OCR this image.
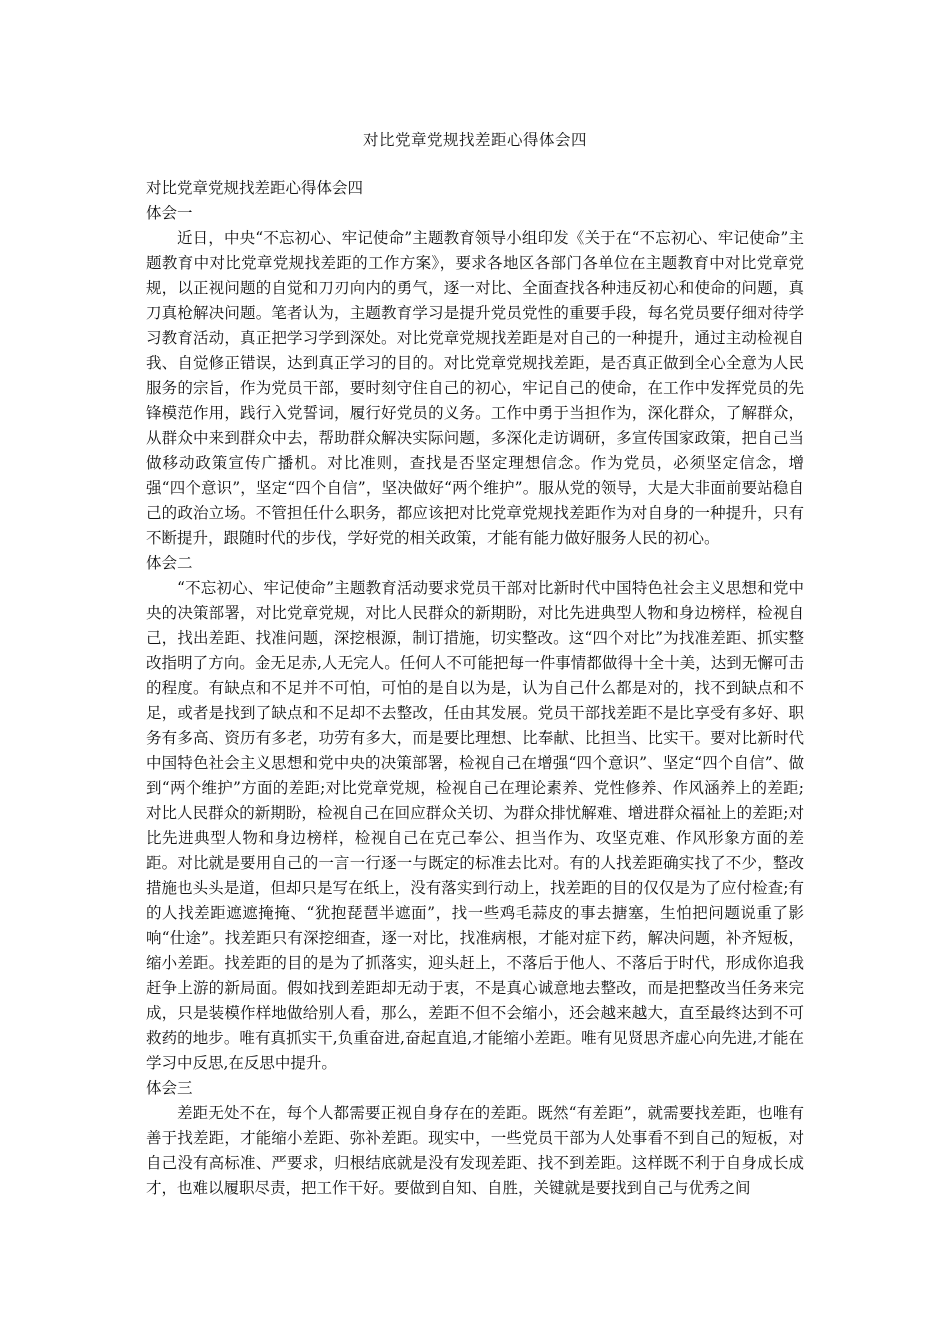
对比党章党规找差距心得体会四

对比党章党规找差距心得体会四

体会一

近日，中央“不忘初心、牢记使命”主题教育领导小组印发《关于在“不忘初心、牢记使命”主题教育中对比党章党规找差距的工作方案》，要求各地区各部门各单位在主题教育中对比党章党规，以正视问题的自觉和刀刃向内的勇气，逐一对比、全面查找各种违反初心和使命的问题，真刀真枪解决问题。笔者认为，主题教育学习是提升党员党性的重要手段，每名党员要仔细对待学习教育活动，真正把学习学到深处。对比党章党规找差距是对自己的一种提升，通过主动检视自我、自觉修正错误，达到真正学习的目的。对比党章党规找差距，是否真正做到全心全意为人民服务的宗旨，作为党员干部，要时刻守住自己的初心，牢记自己的使命，在工作中发挥党员的先锋模范作用，践行入党誓词，履行好党员的义务。工作中勇于当担作为，深化群众，了解群众，从群众中来到群众中去，帮助群众解决实际问题，多深化走访调研，多宣传国家政策，把自己当做移动政策宣传广播机。对比准则，查找是否坚定理想信念。作为党员，必须坚定信念，增强“四个意识”，坚定“四个自信”，坚决做好“两个维护”。服从党的领导，大是大非面前要站稳自己的政治立场。不管担任什么职务，都应该把对比党章党规找差距作为对自身的一种提升，只有不断提升，跟随时代的步伐，学好党的相关政策，才能有能力做好服务人民的初心。

体会二

“不忘初心、牢记使命”主题教育活动要求党员干部对比新时代中国特色社会主义思想和党中央的决策部署，对比党章党规，对比人民群众的新期盼，对比先进典型人物和身边榜样，检视自己，找出差距、找准问题，深挖根源，制订措施，切实整改。这“四个对比”为找准差距、抓实整改指明了方向。金无足赤,人无完人。任何人不可能把每一件事情都做得十全十美，达到无懈可击的程度。有缺点和不足并不可怕，可怕的是自以为是，认为自己什么都是对的，找不到缺点和不足，或者是找到了缺点和不足却不去整改，任由其发展。党员干部找差距不是比享受有多好、职务有多高、资历有多老，功劳有多大，而是要比理想、比奉献、比担当、比实干。要对比新时代中国特色社会主义思想和党中央的决策部署，检视自己在增强“四个意识”、坚定“四个自信”、做到“两个维护”方面的差距;对比党章党规，检视自己在理论素养、党性修养、作风涵养上的差距;对比人民群众的新期盼，检视自己在回应群众关切、为群众排忧解难、增进群众福祉上的差距;对比先进典型人物和身边榜样，检视自己在克己奉公、担当作为、攻坚克难、作风形象方面的差距。对比就是要用自己的一言一行逐一与既定的标准去比对。有的人找差距确实找了不少，整改措施也头头是道，但却只是写在纸上，没有落实到行动上，找差距的目的仅仅是为了应付检查;有的人找差距遮遮掩掩、“犹抱琵琶半遮面”，找一些鸡毛蒜皮的事去搪塞，生怕把问题说重了影响“仕途”。找差距只有深挖细查，逐一对比，找准病根，才能对症下药，解决问题，补齐短板，缩小差距。找差距的目的是为了抓落实，迎头赶上，不落后于他人、不落后于时代，形成你追我赶争上游的新局面。假如找到差距却无动于衷，不是真心诚意地去整改，而是把整改当任务来完成，只是装模作样地做给别人看，那么，差距不但不会缩小，还会越来越大，直至最终达到不可救药的地步。唯有真抓实干,负重奋进,奋起直追,才能缩小差距。唯有见贤思齐虚心向先进,才能在学习中反思,在反思中提升。

体会三

差距无处不在，每个人都需要正视自身存在的差距。既然“有差距”，就需要找差距，也唯有善于找差距，才能缩小差距、弥补差距。现实中，一些党员干部为人处事看不到自己的短板，对自己没有高标准、严要求，归根结底就是没有发现差距、找不到差距。这样既不利于自身成长成才，也难以履职尽责，把工作干好。要做到自知、自胜，关键就是要找到自己与优秀之间
